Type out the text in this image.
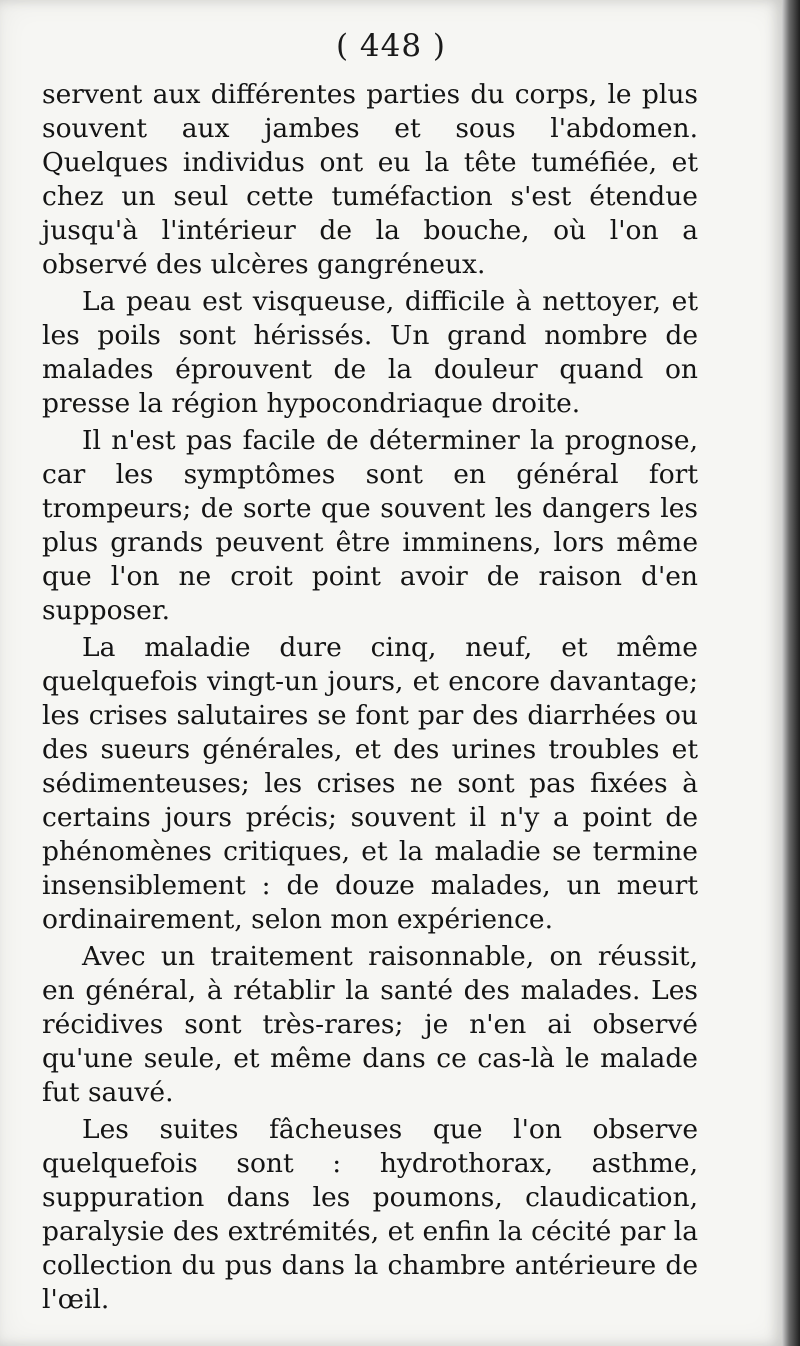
( 448 )

servent aux différentes parties du corps, le plus souvent aux jambes et sous l'abdomen. Quelques individus ont eu la tête tuméfiée, et chez un seul cette tuméfaction s'est étendue jusqu'à l'intérieur de la bouche, où l'on a observé des ulcères gangréneux.

La peau est visqueuse, difficile à nettoyer, et les poils sont hérissés. Un grand nombre de malades éprouvent de la douleur quand on presse la région hypocondriaque droite.

Il n'est pas facile de déterminer la prognose, car les symptômes sont en général fort trompeurs; de sorte que souvent les dangers les plus grands peuvent être imminens, lors même que l'on ne croit point avoir de raison d'en supposer.

La maladie dure cinq, neuf, et même quelquefois vingt-un jours, et encore davantage; les crises salutaires se font par des diarrhées ou des sueurs générales, et des urines troubles et sédimenteuses; les crises ne sont pas fixées à certains jours précis; souvent il n'y a point de phénomènes critiques, et la maladie se termine insensiblement : de douze malades, un meurt ordinairement, selon mon expérience.

Avec un traitement raisonnable, on réussit, en général, à rétablir la santé des malades. Les récidives sont très-rares; je n'en ai observé qu'une seule, et même dans ce cas-là le malade fut sauvé.

Les suites fâcheuses que l'on observe quelquefois sont : hydrothorax, asthme, suppuration dans les poumons, claudication, paralysie des extrémités, et enfin la cécité par la collection du pus dans la chambre antérieure de l'œil.
